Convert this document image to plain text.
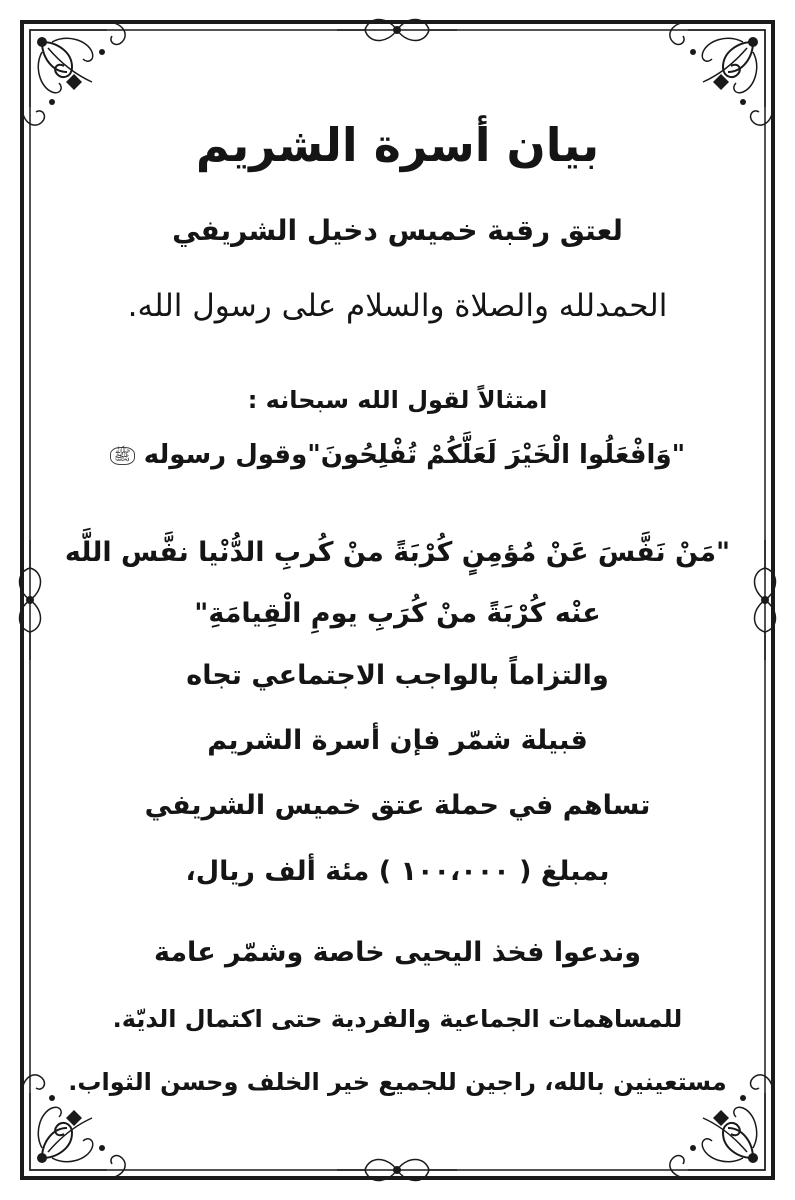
بيان أسرة الشريم
لعتق رقبة خميس دخيل الشريفي
الحمدلله والصلاة والسلام على رسول الله.
امتثالاً لقول الله سبحانه :
"وَافْعَلُوا الْخَيْرَ لَعَلَّكُمْ تُفْلِحُونَ"وقول رسوله ﷺ
"مَنْ نَفَّسَ عَنْ مُؤمِنٍ كُرْبَةً منْ كُربِ الدُّنْيا نفَّس اللَّه
عنْه كُرْبَةً منْ كُرَبِ يومِ الْقِيامَةِ"
والتزاماً بالواجب الاجتماعي تجاه
قبيلة شمّر فإن أسرة الشريم
تساهم في حملة عتق خميس الشريفي
بمبلغ ( ١٠٠،٠٠٠ ) مئة ألف ريال،
وندعوا فخذ اليحيى خاصة وشمّر عامة
للمساهمات الجماعية والفردية حتى اكتمال الديّة.
مستعينين بالله، راجين للجميع خير الخلف وحسن الثواب.
